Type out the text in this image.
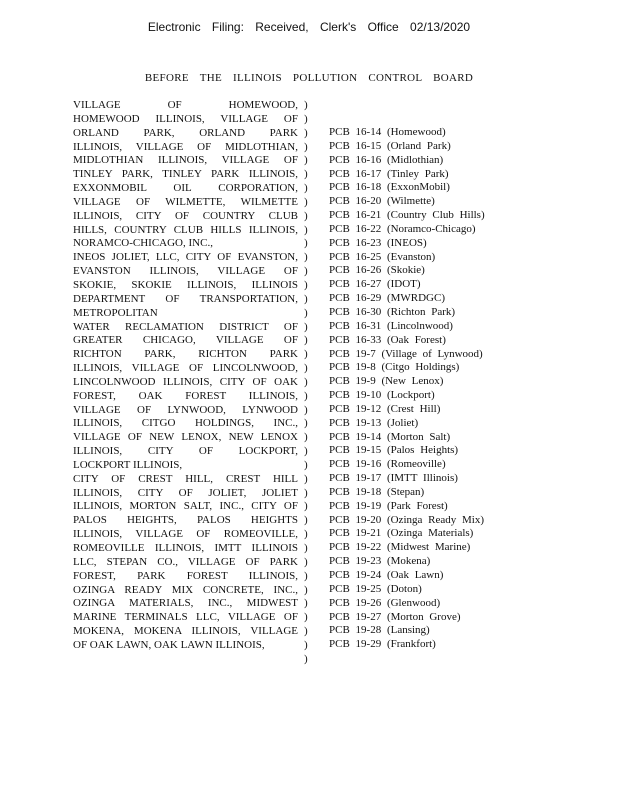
Electronic Filing: Received, Clerk's Office 02/13/2020
BEFORE THE ILLINOIS POLLUTION CONTROL BOARD
VILLAGE OF HOMEWOOD,
HOMEWOOD ILLINOIS, VILLAGE OF
ORLAND PARK, ORLAND PARK
ILLINOIS, VILLAGE OF MIDLOTHIAN,
MIDLOTHIAN ILLINOIS, VILLAGE OF
TINLEY PARK, TINLEY PARK ILLINOIS,
EXXONMOBIL OIL CORPORATION,
VILLAGE OF WILMETTE, WILMETTE
ILLINOIS, CITY OF COUNTRY CLUB
HILLS, COUNTRY CLUB HILLS ILLINOIS,
NORAMCO-CHICAGO, INC.,
INEOS JOLIET, LLC, CITY OF EVANSTON,
EVANSTON ILLINOIS, VILLAGE OF
SKOKIE, SKOKIE ILLINOIS, ILLINOIS
DEPARTMENT OF TRANSPORTATION,
METROPOLITAN
WATER RECLAMATION DISTRICT OF
GREATER CHICAGO, VILLAGE OF
RICHTON PARK, RICHTON PARK
ILLINOIS, VILLAGE OF LINCOLNWOOD,
LINCOLNWOOD ILLINOIS, CITY OF OAK
FOREST, OAK FOREST ILLINOIS,
VILLAGE OF LYNWOOD, LYNWOOD
ILLINOIS, CITGO HOLDINGS, INC.,
VILLAGE OF NEW LENOX, NEW LENOX
ILLINOIS, CITY OF LOCKPORT,
LOCKPORT ILLINOIS,
CITY OF CREST HILL, CREST HILL
ILLINOIS, CITY OF JOLIET, JOLIET
ILLINOIS, MORTON SALT, INC., CITY OF
PALOS HEIGHTS, PALOS HEIGHTS
ILLINOIS, VILLAGE OF ROMEOVILLE,
ROMEOVILLE ILLINOIS, IMTT ILLINOIS
LLC, STEPAN CO., VILLAGE OF PARK
FOREST, PARK FOREST ILLINOIS,
OZINGA READY MIX CONCRETE, INC.,
OZINGA MATERIALS, INC., MIDWEST
MARINE TERMINALS LLC, VILLAGE OF
MOKENA, MOKENA ILLINOIS, VILLAGE
OF OAK LAWN, OAK LAWN ILLINOIS,
)
)
)
)
)
)
)
)
)
)
)
)
)
)
)
)
)
)
)
)
)
)
)
)
)
)
)
)
)
)
)
)
)
)
)
)
)
)
)
)
)
PCB 16-14 (Homewood)
PCB 16-15 (Orland Park)
PCB 16-16 (Midlothian)
PCB 16-17 (Tinley Park)
PCB 16-18 (ExxonMobil)
PCB 16-20 (Wilmette)
PCB 16-21 (Country Club Hills)
PCB 16-22 (Noramco-Chicago)
PCB 16-23 (INEOS)
PCB 16-25 (Evanston)
PCB 16-26 (Skokie)
PCB 16-27 (IDOT)
PCB 16-29 (MWRDGC)
PCB 16-30 (Richton Park)
PCB 16-31 (Lincolnwood)
PCB 16-33 (Oak Forest)
PCB 19-7 (Village of Lynwood)
PCB 19-8 (Citgo Holdings)
PCB 19-9 (New Lenox)
PCB 19-10 (Lockport)
PCB 19-12 (Crest Hill)
PCB 19-13 (Joliet)
PCB 19-14 (Morton Salt)
PCB 19-15 (Palos Heights)
PCB 19-16 (Romeoville)
PCB 19-17 (IMTT Illinois)
PCB 19-18 (Stepan)
PCB 19-19 (Park Forest)
PCB 19-20 (Ozinga Ready Mix)
PCB 19-21 (Ozinga Materials)
PCB 19-22 (Midwest Marine)
PCB 19-23 (Mokena)
PCB 19-24 (Oak Lawn)
PCB 19-25 (Doton)
PCB 19-26 (Glenwood)
PCB 19-27 (Morton Grove)
PCB 19-28 (Lansing)
PCB 19-29 (Frankfort)
